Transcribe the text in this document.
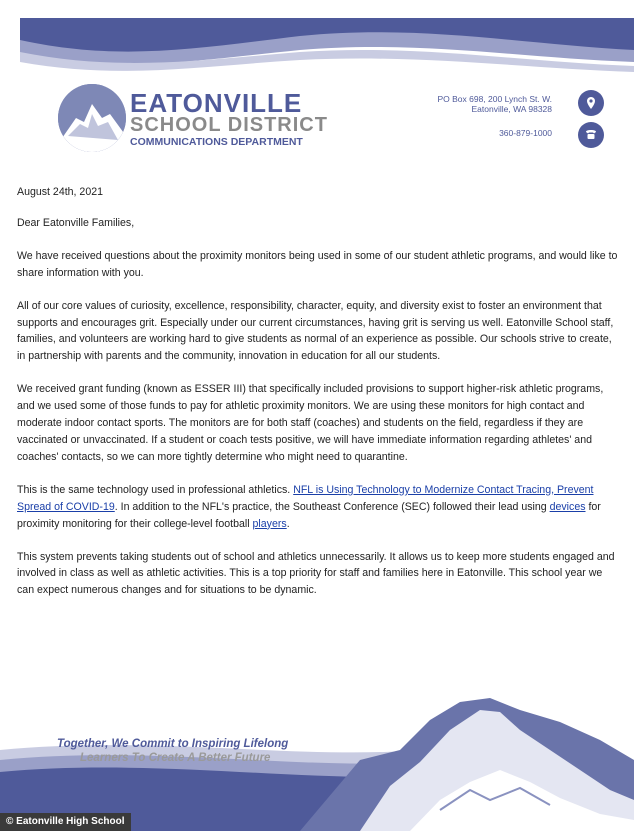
EATONVILLE
SCHOOL DISTRICT
COMMUNICATIONS DEPARTMENT
PO Box 698, 200 Lynch St. W.
Eatonville, WA 98328
360-879-1000

August 24th, 2021

Dear Eatonville Families,

We have received questions about the proximity monitors being used in some of our student athletic programs, and would like to share information with you.

All of our core values of curiosity, excellence, responsibility, character, equity, and diversity exist to foster an environment that supports and encourages grit. Especially under our current circumstances, having grit is serving us well. Eatonville School staff, families, and volunteers are working hard to give students as normal of an experience as possible. Our schools strive to create, in partnership with parents and the community, innovation in education for all our students.

We received grant funding (known as ESSER III) that specifically included provisions to support higher-risk athletic programs, and we used some of those funds to pay for athletic proximity monitors. We are using these monitors for high contact and moderate indoor contact sports. The monitors are for both staff (coaches) and students on the field, regardless if they are vaccinated or unvaccinated. If a student or coach tests positive, we will have immediate information regarding athletes' and coaches' contacts, so we can more tightly determine who might need to quarantine.

This is the same technology used in professional athletics. NFL is Using Technology to Modernize Contact Tracing, Prevent Spread of COVID-19. In addition to the NFL's practice, the Southeast Conference (SEC) followed their lead using devices for proximity monitoring for their college-level football players.

This system prevents taking students out of school and athletics unnecessarily. It allows us to keep more students engaged and involved in class as well as athletic activities. This is a top priority for staff and families here in Eatonville. This school year we can expect numerous changes and for situations to be dynamic.

Together, We Commit to Inspiring Lifelong
Learners To Create A Better Future
© Eatonville High School
